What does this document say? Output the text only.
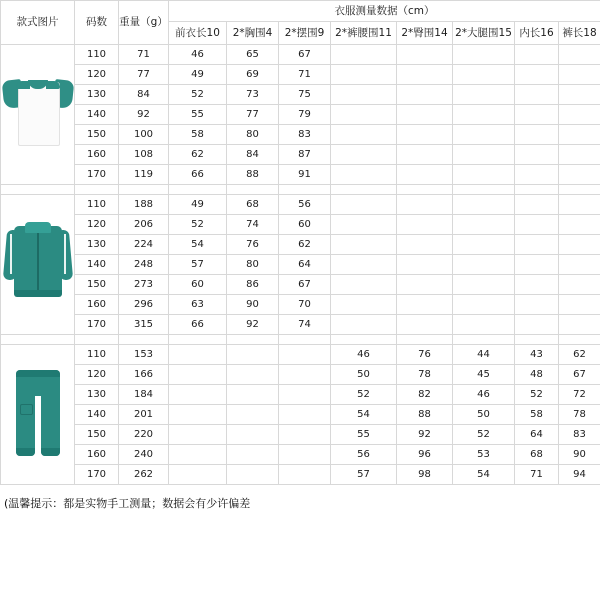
款式图片	码数	重量（g）	衣服测量数据（cm）							
			前衣长10	2*胸围4	2*摆围9	2*裤腰围11	2*臀围14	2*大腿围15	内长16	裤长18

	110	71	46	65	67					
	120	77	49	69	71					
	130	84	52	73	75					
	140	92	55	77	79					
	150	100	58	80	83					
	160	108	62	84	87					
	170	119	66	88	91					

	110	188	49	68	56					
	120	206	52	74	60					
	130	224	54	76	62					
	140	248	57	80	64					
	150	273	60	86	67					
	160	296	63	90	70					
	170	315	66	92	74					

	110	153				46	76	44	43	62
	120	166				50	78	45	48	67
	130	184				52	82	46	52	72
	140	201				54	88	50	58	78
	150	220				55	92	52	64	83
	160	240				56	96	53	68	90
	170	262				57	98	54	71	94
(温馨提示：都是实物手工测量；数据会有少许偏差
